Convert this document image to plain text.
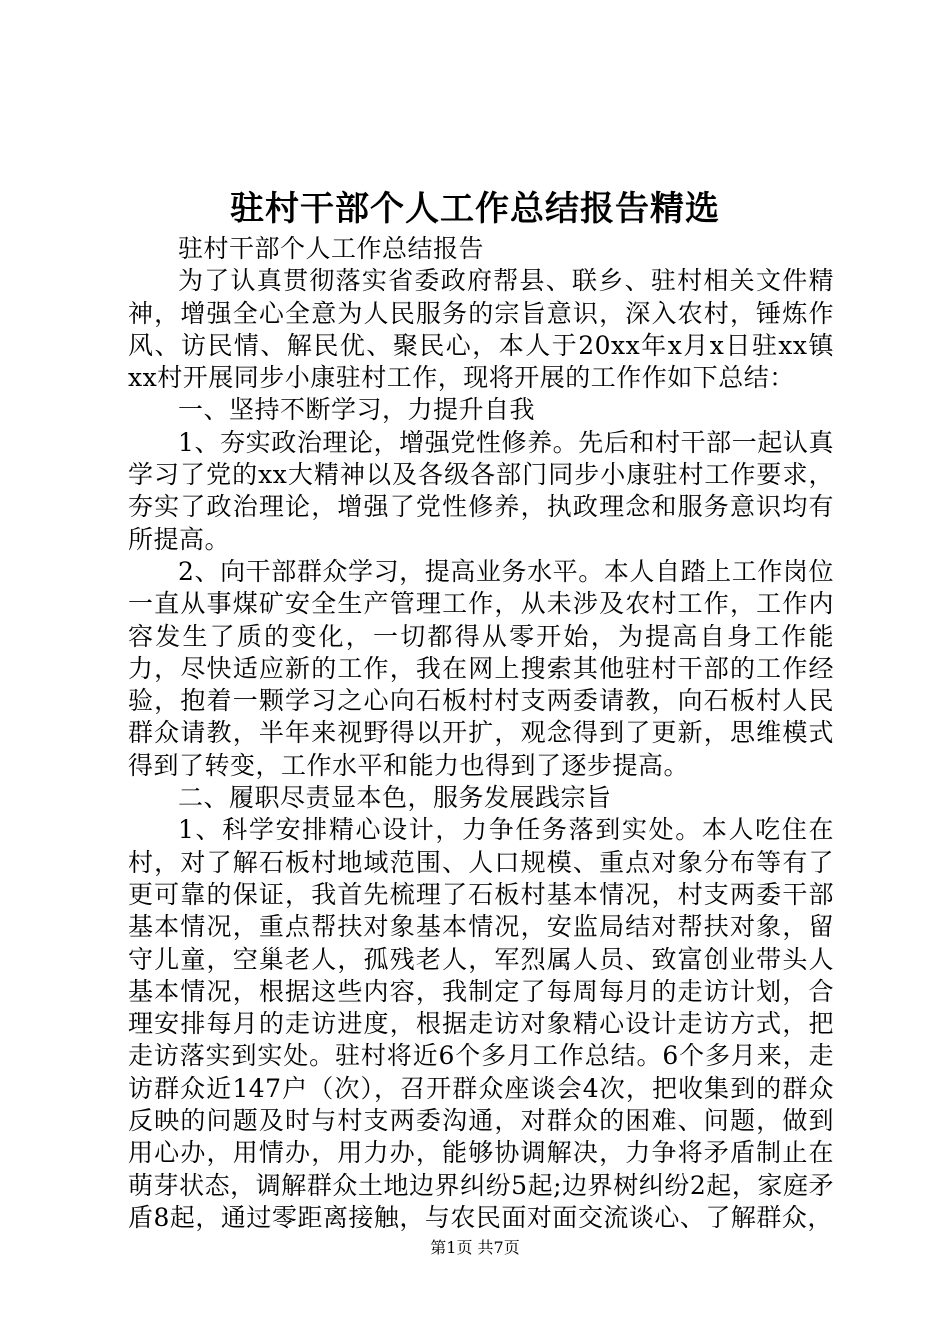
驻村干部个人工作总结报告精选

驻村干部个人工作总结报告

为了认真贯彻落实省委政府帮县、联乡、驻村相关文件精神，增强全心全意为人民服务的宗旨意识，深入农村，锤炼作风、访民情、解民优、聚民心，本人于20xx年x月x日驻xx镇xx村开展同步小康驻村工作，现将开展的工作作如下总结：

一、坚持不断学习，力提升自我

1、夯实政治理论，增强党性修养。先后和村干部一起认真学习了党的xx大精神以及各级各部门同步小康驻村工作要求，夯实了政治理论，增强了党性修养，执政理念和服务意识均有所提高。

2、向干部群众学习，提高业务水平。本人自踏上工作岗位一直从事煤矿安全生产管理工作，从未涉及农村工作，工作内容发生了质的变化，一切都得从零开始，为提高自身工作能力，尽快适应新的工作，我在网上搜索其他驻村干部的工作经验，抱着一颗学习之心向石板村村支两委请教，向石板村人民群众请教，半年来视野得以开扩，观念得到了更新，思维模式得到了转变，工作水平和能力也得到了逐步提高。

二、履职尽责显本色，服务发展践宗旨

1、科学安排精心设计，力争任务落到实处。本人吃住在村，对了解石板村地域范围、人口规模、重点对象分布等有了更可靠的保证，我首先梳理了石板村基本情况，村支两委干部基本情况，重点帮扶对象基本情况，安监局结对帮扶对象，留守儿童，空巢老人，孤残老人，军烈属人员、致富创业带头人基本情况，根据这些内容，我制定了每周每月的走访计划，合理安排每月的走访进度，根据走访对象精心设计走访方式，把走访落实到实处。驻村将近6个多月工作总结。6个多月来，走访群众近147户（次），召开群众座谈会4次，把收集到的群众反映的问题及时与村支两委沟通，对群众的困难、问题，做到用心办，用情办，用力办，能够协调解决，力争将矛盾制止在萌芽状态，调解群众土地边界纠纷5起;边界树纠纷2起，家庭矛盾8起，通过零距离接触，与农民面对面交流谈心、了解群众，

第1页 共7页
